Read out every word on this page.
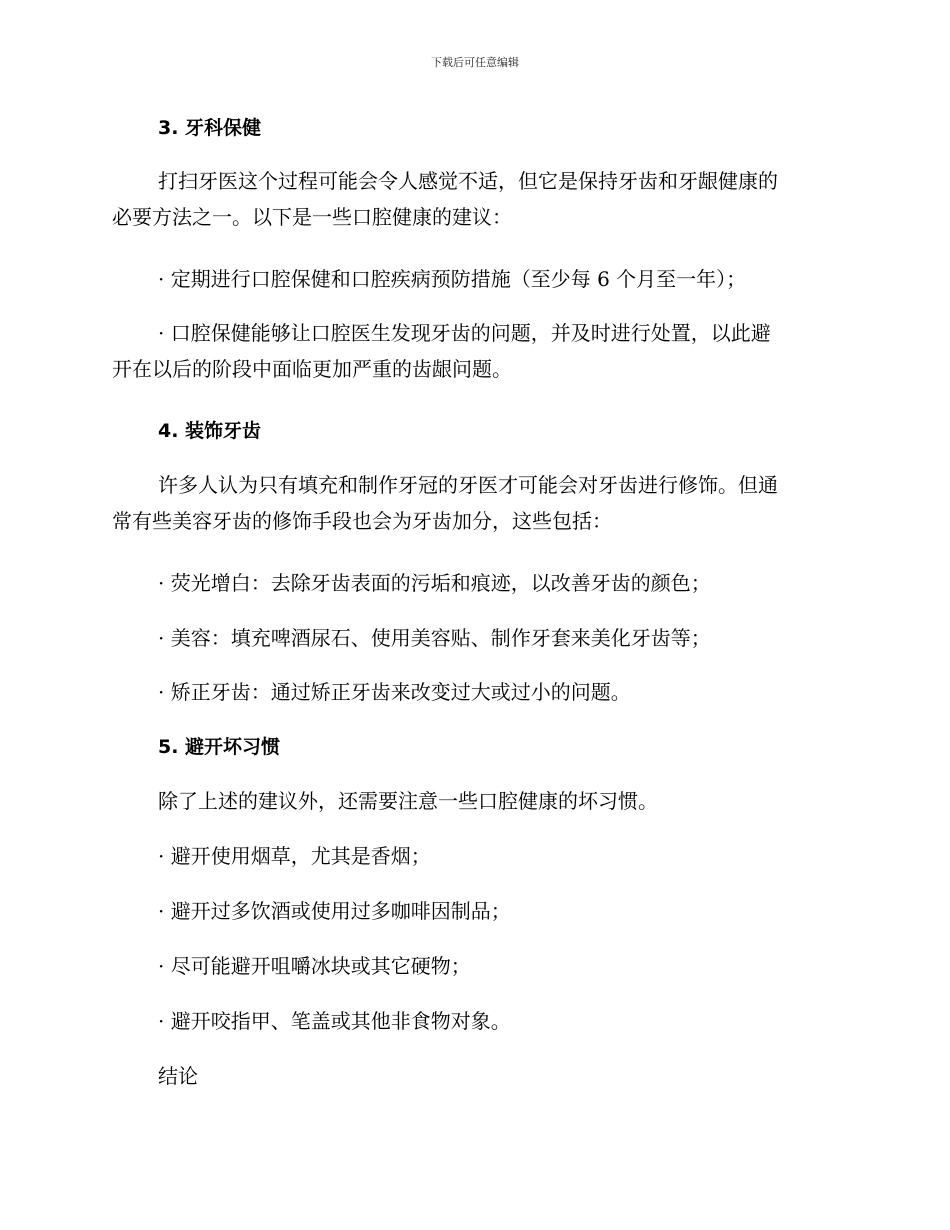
下载后可任意编辑
3. 牙科保健
打扫牙医这个过程可能会令人感觉不适，但它是保持牙齿和牙龈健康的
必要方法之一。以下是一些口腔健康的建议：
· 定期进行口腔保健和口腔疾病预防措施（至少每 6 个月至一年）；
· 口腔保健能够让口腔医生发现牙齿的问题，并及时进行处置，以此避
开在以后的阶段中面临更加严重的齿龈问题。
4. 装饰牙齿
许多人认为只有填充和制作牙冠的牙医才可能会对牙齿进行修饰。但通
常有些美容牙齿的修饰手段也会为牙齿加分，这些包括：
· 荧光增白：去除牙齿表面的污垢和痕迹，以改善牙齿的颜色；
· 美容：填充啤酒尿石、使用美容贴、制作牙套来美化牙齿等；
· 矫正牙齿：通过矫正牙齿来改变过大或过小的问题。
5. 避开坏习惯
除了上述的建议外，还需要注意一些口腔健康的坏习惯。
· 避开使用烟草，尤其是香烟；
· 避开过多饮酒或使用过多咖啡因制品；
· 尽可能避开咀嚼冰块或其它硬物；
· 避开咬指甲、笔盖或其他非食物对象。
结论
